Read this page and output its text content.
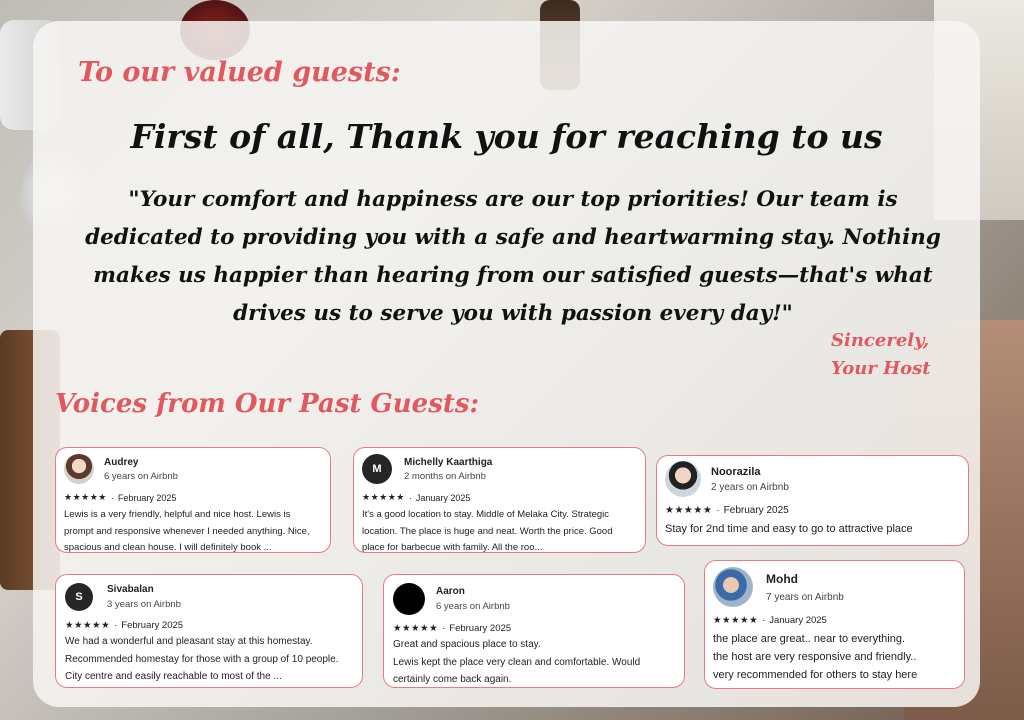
To our valued guests:
First of all, Thank you for reaching to us
"Your comfort and happiness are our top priorities! Our team is dedicated to providing you with a safe and heartwarming stay. Nothing makes us happier than hearing from our satisfied guests—that's what drives us to serve you with passion every day!"
Sincerely,
Your Host
Voices from Our Past Guests:
Audrey
6 years on Airbnb
★★★★★ · February 2025
Lewis is a very friendly, helpful and nice host. Lewis is prompt and responsive whenever I needed anything. Nice, spacious and clean house. I will definitely book ...
M
Michelly Kaarthiga
2 months on Airbnb
★★★★★ · January 2025
It's a good location to stay. Middle of Melaka City. Strategic location. The place is huge and neat. Worth the price. Good place for barbecue with family. All the roo...
Noorazila
2 years on Airbnb
★★★★★ · February 2025
Stay for 2nd time and easy to go to attractive place
S
Sivabalan
3 years on Airbnb
★★★★★ · February 2025
We had a wonderful and pleasant stay at this homestay. Recommended homestay for those with a group of 10 people. City centre and easily reachable to most of the ...
Aaron
6 years on Airbnb
★★★★★ · February 2025
Great and spacious place to stay.
Lewis kept the place very clean and comfortable. Would certainly come back again.
Mohd
7 years on Airbnb
★★★★★ · January 2025
the place are great.. near to everything.
the host are very responsive and friendly..
very recommended for others to stay here
